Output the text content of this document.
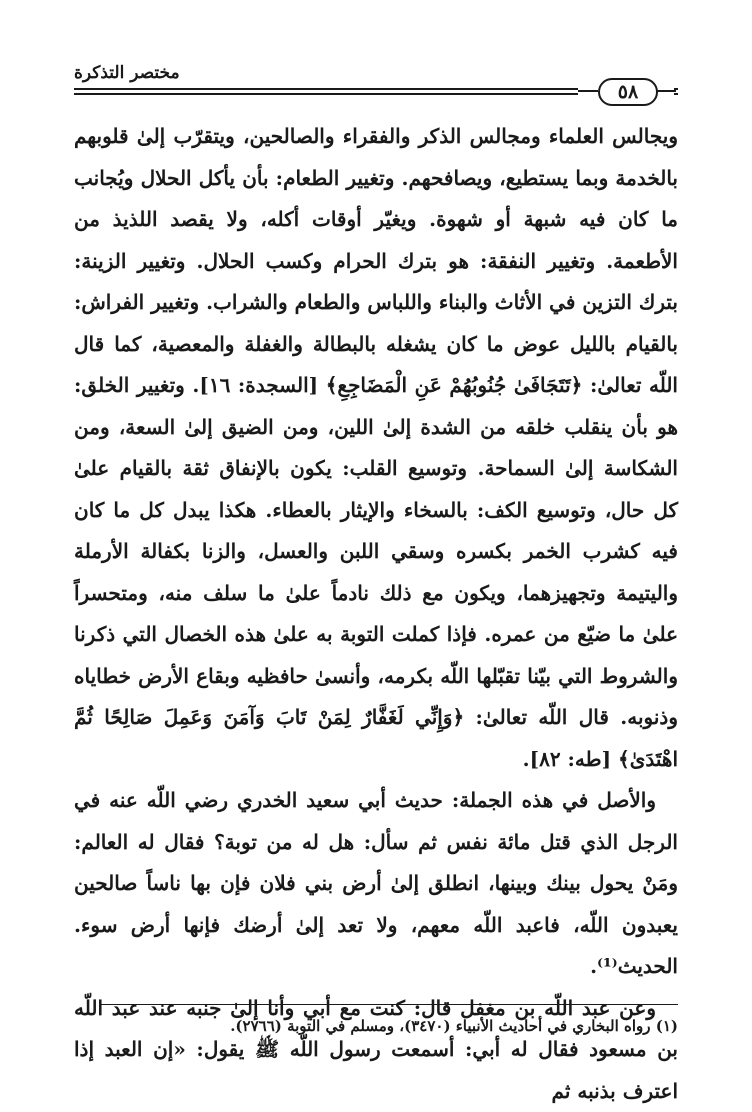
مختصر التذكرة
٥٨

ويجالس العلماء ومجالس الذكر والفقراء والصالحين، ويتقرّب إلىٰ قلوبهم بالخدمة وبما يستطيع، ويصافحهم. وتغيير الطعام: بأن يأكل الحلال ويُجانب ما كان فيه شبهة أو شهوة. ويغيّر أوقات أكله، ولا يقصد اللذيذ من الأطعمة. وتغيير النفقة: هو بترك الحرام وكسب الحلال. وتغيير الزينة: بترك التزين في الأثاث والبناء واللباس والطعام والشراب. وتغيير الفراش: بالقيام بالليل عوض ما كان يشغله بالبطالة والغفلة والمعصية، كما قال اللّه تعالىٰ: ﴿تَتَجَافَىٰ جُنُوبُهُمْ عَنِ الْمَضَاجِعِ﴾ [السجدة: ١٦]. وتغيير الخلق: هو بأن ينقلب خلقه من الشدة إلىٰ اللين، ومن الضيق إلىٰ السعة، ومن الشكاسة إلىٰ السماحة. وتوسيع القلب: يكون بالإنفاق ثقة بالقيام علىٰ كل حال، وتوسيع الكف: بالسخاء والإيثار بالعطاء. هكذا يبدل كل ما كان فيه كشرب الخمر بكسره وسقي اللبن والعسل، والزنا بكفالة الأرملة واليتيمة وتجهيزهما، ويكون مع ذلك نادماً علىٰ ما سلف منه، ومتحسراً علىٰ ما ضيّع من عمره. فإذا كملت التوبة به علىٰ هذه الخصال التي ذكرنا والشروط التي بيّنا تقبّلها اللّه بكرمه، وأنسىٰ حافظيه وبقاع الأرض خطاياه وذنوبه. قال اللّه تعالىٰ: ﴿وَإِنِّي لَغَفَّارٌ لِمَنْ تَابَ وَآمَنَ وَعَمِلَ صَالِحًا ثُمَّ اهْتَدَىٰ﴾ [طه: ٨٢].

والأصل في هذه الجملة: حديث أبي سعيد الخدري رضي اللّه عنه في الرجل الذي قتل مائة نفس ثم سأل: هل له من توبة؟ فقال له العالم: ومَنْ يحول بينك وبينها، انطلق إلىٰ أرض بني فلان فإن بها ناساً صالحين يعبدون اللّه، فاعبد اللّه معهم، ولا تعد إلىٰ أرضك فإنها أرض سوء. الحديث⁽¹⁾.

وعن عبد اللّه بن مغفل قال: كنت مع أبي وأنا إلىٰ جنبه عند عبد اللّه بن مسعود فقال له أبي: أسمعت رسول اللّه ﷺ يقول: «إن العبد إذا اعترف بذنبه ثم

(١) رواه البخاري في أحاديث الأنبياء (٣٤٧٠)، ومسلم في التوبة (٢٧٦٦).
